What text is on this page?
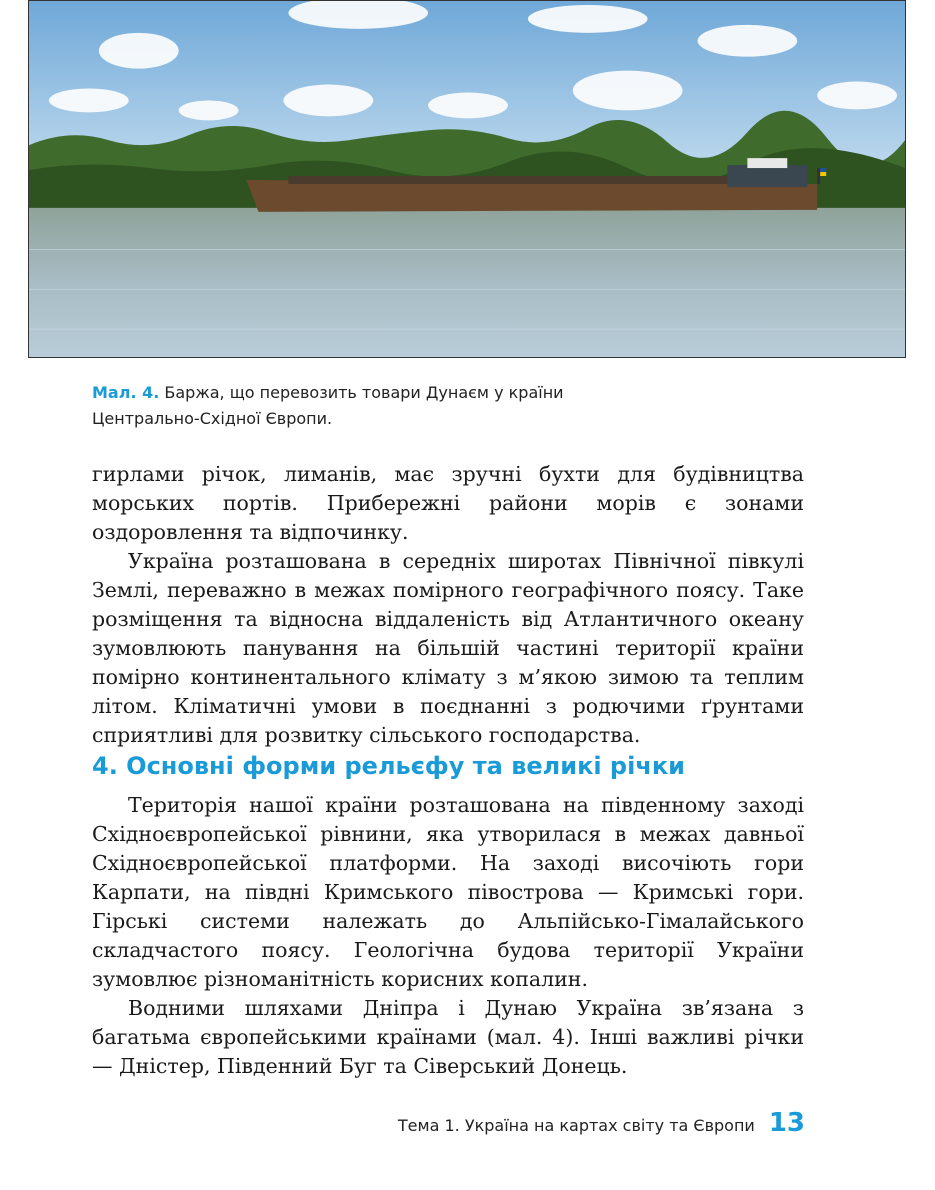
Мал. 4. Баржа, що перевозить товари Дунаєм у країни
Центрально-Східної Європи.

гирлами річок, лиманів, має зручні бухти для будівництва морських портів. Прибережні райони морів є зонами оздоровлення та відпочинку.

Україна розташована в середніх широтах Північної півкулі Землі, переважно в межах помірного географічного поясу. Таке розміщення та відносна віддаленість від Атлантичного океану зумовлюють панування на більшій частині території країни помірно континентального клімату з м’якою зимою та теплим літом. Кліматичні умови в поєднанні з родючими ґрунтами сприятливі для розвитку сільського господарства.

4. Основні форми рельєфу та великі річки

Територія нашої країни розташована на південному заході Східноєвропейської рівнини, яка утворилася в межах давньої Східноєвропейської платформи. На заході височіють гори Карпати, на півдні Кримського півострова — Кримські гори. Гірські системи належать до Альпійсько-Гімалайського складчастого поясу. Геологічна будова території України зумовлює різноманітність корисних копалин.

Водними шляхами Дніпра і Дунаю Україна зв’язана з багатьма європейськими країнами (мал. 4). Інші важливі річки — Дністер, Південний Буг та Сіверський Донець.

Тема 1. Україна на картах світу та Європи 13
